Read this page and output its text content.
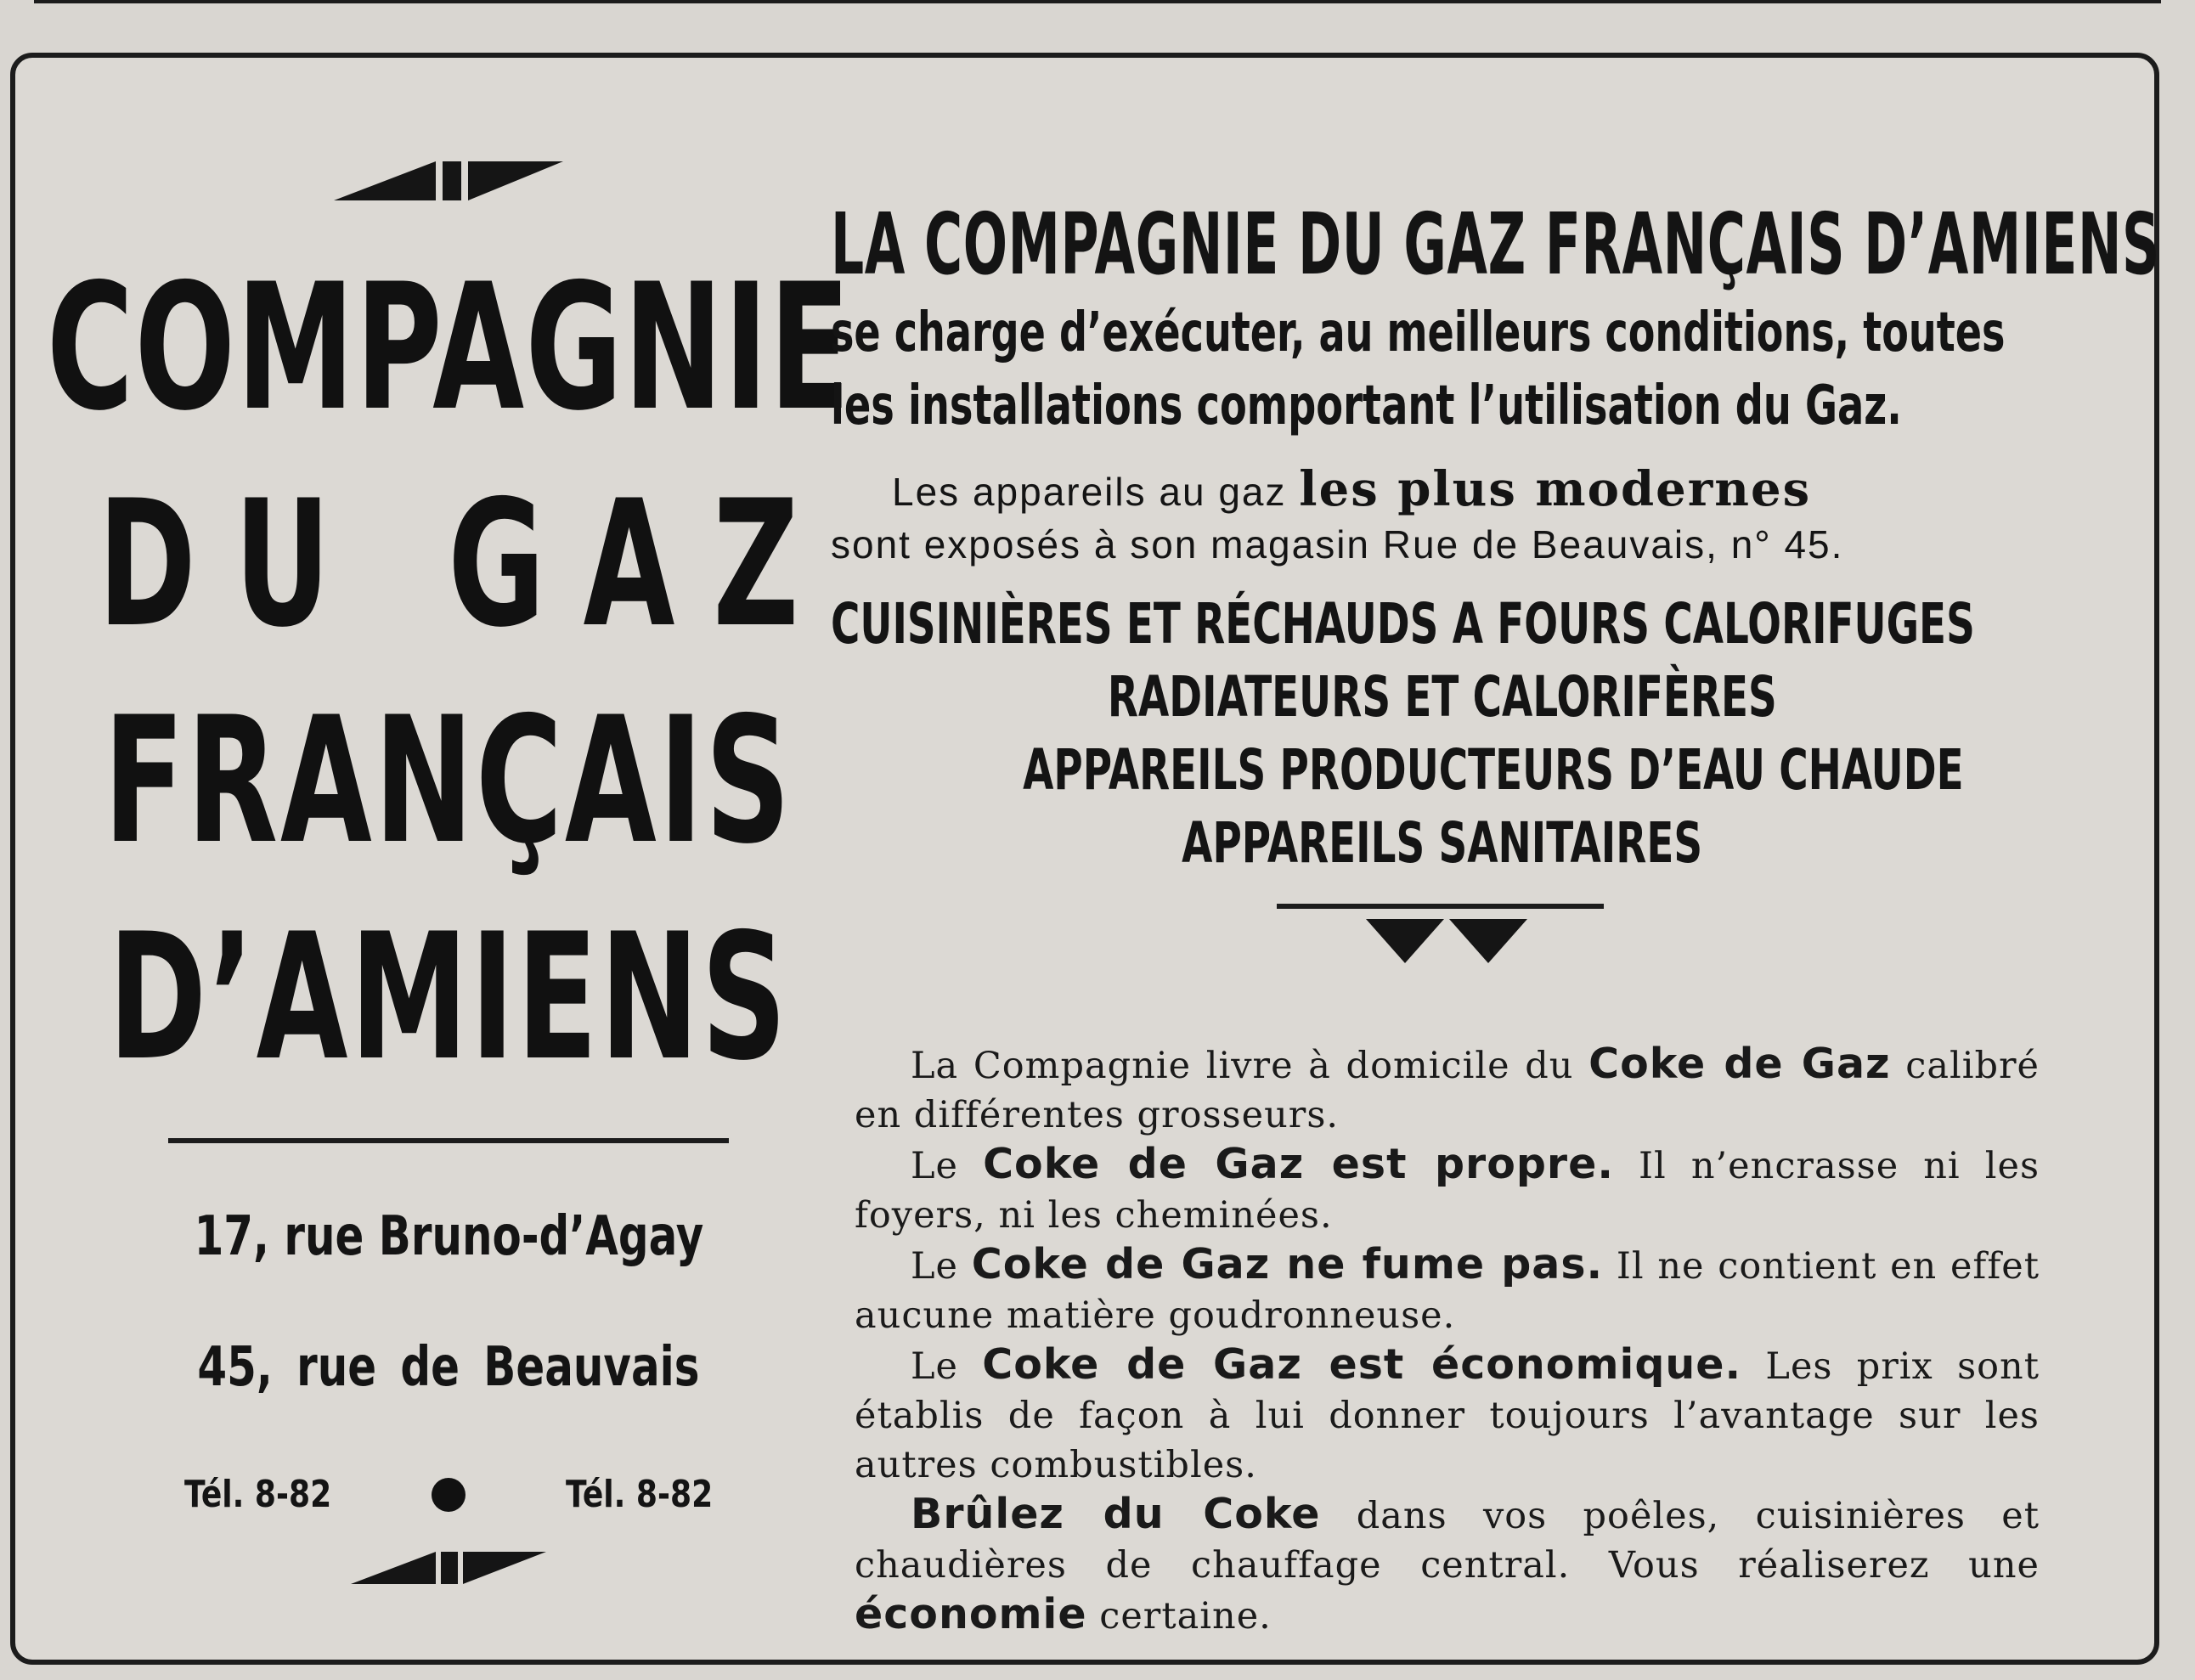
COMPAGNIE
DU GAZ
FRANÇAIS
D’AMIENS
17, rue Bruno-d’Agay
45, rue de Beauvais
Tél. 8-82	Tél. 8-82
LA COMPAGNIE DU GAZ FRANÇAIS D’AMIENS
se charge d’exécuter, au meilleurs conditions, toutes
les installations comportant l’utilisation du Gaz.
Les appareils au gaz les plus modernes
sont exposés à son magasin Rue de Beauvais, n° 45.
CUISINIÈRES ET RÉCHAUDS A FOURS CALORIFUGES
RADIATEURS ET CALORIFÈRES
APPAREILS PRODUCTEURS D’EAU CHAUDE
APPAREILS SANITAIRES

La Compagnie livre à domicile du Coke de Gaz calibré en différentes grosseurs.

Le Coke de Gaz est propre. Il n’encrasse ni les foyers, ni les cheminées.

Le Coke de Gaz ne fume pas. Il ne contient en effet aucune matière goudronneuse.

Le Coke de Gaz est économique. Les prix sont établis de façon à lui donner toujours l’avantage sur les autres combustibles.

Brûlez du Coke dans vos poêles, cuisinières et chaudières de chauffage central. Vous réaliserez une économie certaine.
